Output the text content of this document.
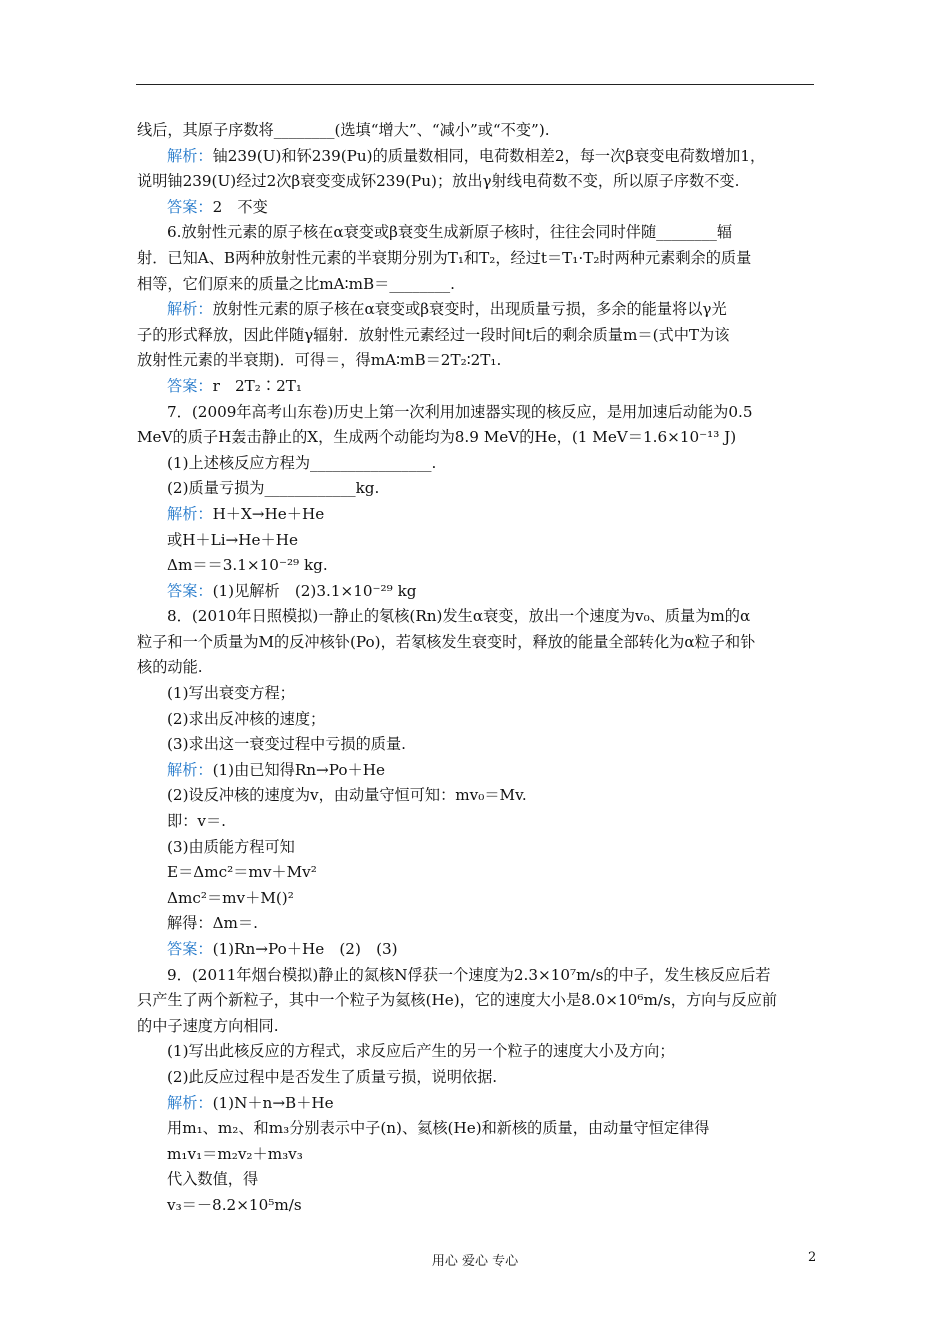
线后，其原子序数将________(选填“增大”、“减小”或“不变”).

解析：铀239(U)和钚239(Pu)的质量数相同，电荷数相差2，每一次β衰变电荷数增加1，

说明铀239(U)经过2次β衰变变成钚239(Pu)；放出γ射线电荷数不变，所以原子序数不变.

答案：2　不变

6.放射性元素的原子核在α衰变或β衰变生成新原子核时，往往会同时伴随________辐

射．已知A、B两种放射性元素的半衰期分别为T₁和T₂，经过t＝T₁·T₂时两种元素剩余的质量

相等，它们原来的质量之比mA∶mB＝________.

解析：放射性元素的原子核在α衰变或β衰变时，出现质量亏损，多余的能量将以γ光

子的形式释放，因此伴随γ辐射．放射性元素经过一段时间t后的剩余质量m＝(式中T为该

放射性元素的半衰期)．可得＝，得mA∶mB＝2T₂∶2T₁.

答案：r　2T₂∶2T₁

7．(2009年高考山东卷)历史上第一次利用加速器实现的核反应，是用加速后动能为0.5

MeV的质子H轰击静止的X，生成两个动能均为8.9 MeV的He，(1 MeV＝1.6×10⁻¹³ J)

(1)上述核反应方程为________________.

(2)质量亏损为____________kg.

解析：H＋X→He＋He

或H＋Li→He＋He

Δm＝＝3.1×10⁻²⁹ kg.

答案：(1)见解析　(2)3.1×10⁻²⁹ kg

8．(2010年日照模拟)一静止的氡核(Rn)发生α衰变，放出一个速度为v₀、质量为m的α

粒子和一个质量为M的反冲核钋(Po)，若氡核发生衰变时，释放的能量全部转化为α粒子和钋

核的动能.

(1)写出衰变方程；

(2)求出反冲核的速度；

(3)求出这一衰变过程中亏损的质量.

解析：(1)由已知得Rn→Po＋He

(2)设反冲核的速度为v，由动量守恒可知：mv₀＝Mv.

即：v＝.

(3)由质能方程可知

E＝Δmc²＝mv＋Mv²

Δmc²＝mv＋M()²

解得：Δm＝.

答案：(1)Rn→Po＋He　(2)　(3)

9．(2011年烟台模拟)静止的氮核N俘获一个速度为2.3×10⁷m/s的中子，发生核反应后若

只产生了两个新粒子，其中一个粒子为氦核(He)，它的速度大小是8.0×10⁶m/s，方向与反应前

的中子速度方向相同.

(1)写出此核反应的方程式，求反应后产生的另一个粒子的速度大小及方向；

(2)此反应过程中是否发生了质量亏损，说明依据.

解析：(1)N＋n→B＋He

用m₁、m₂、和m₃分别表示中子(n)、氦核(He)和新核的质量，由动量守恒定律得

m₁v₁＝m₂v₂＋m₃v₃

代入数值，得

v₃＝－8.2×10⁵m/s

用心 爱心 专心	2
